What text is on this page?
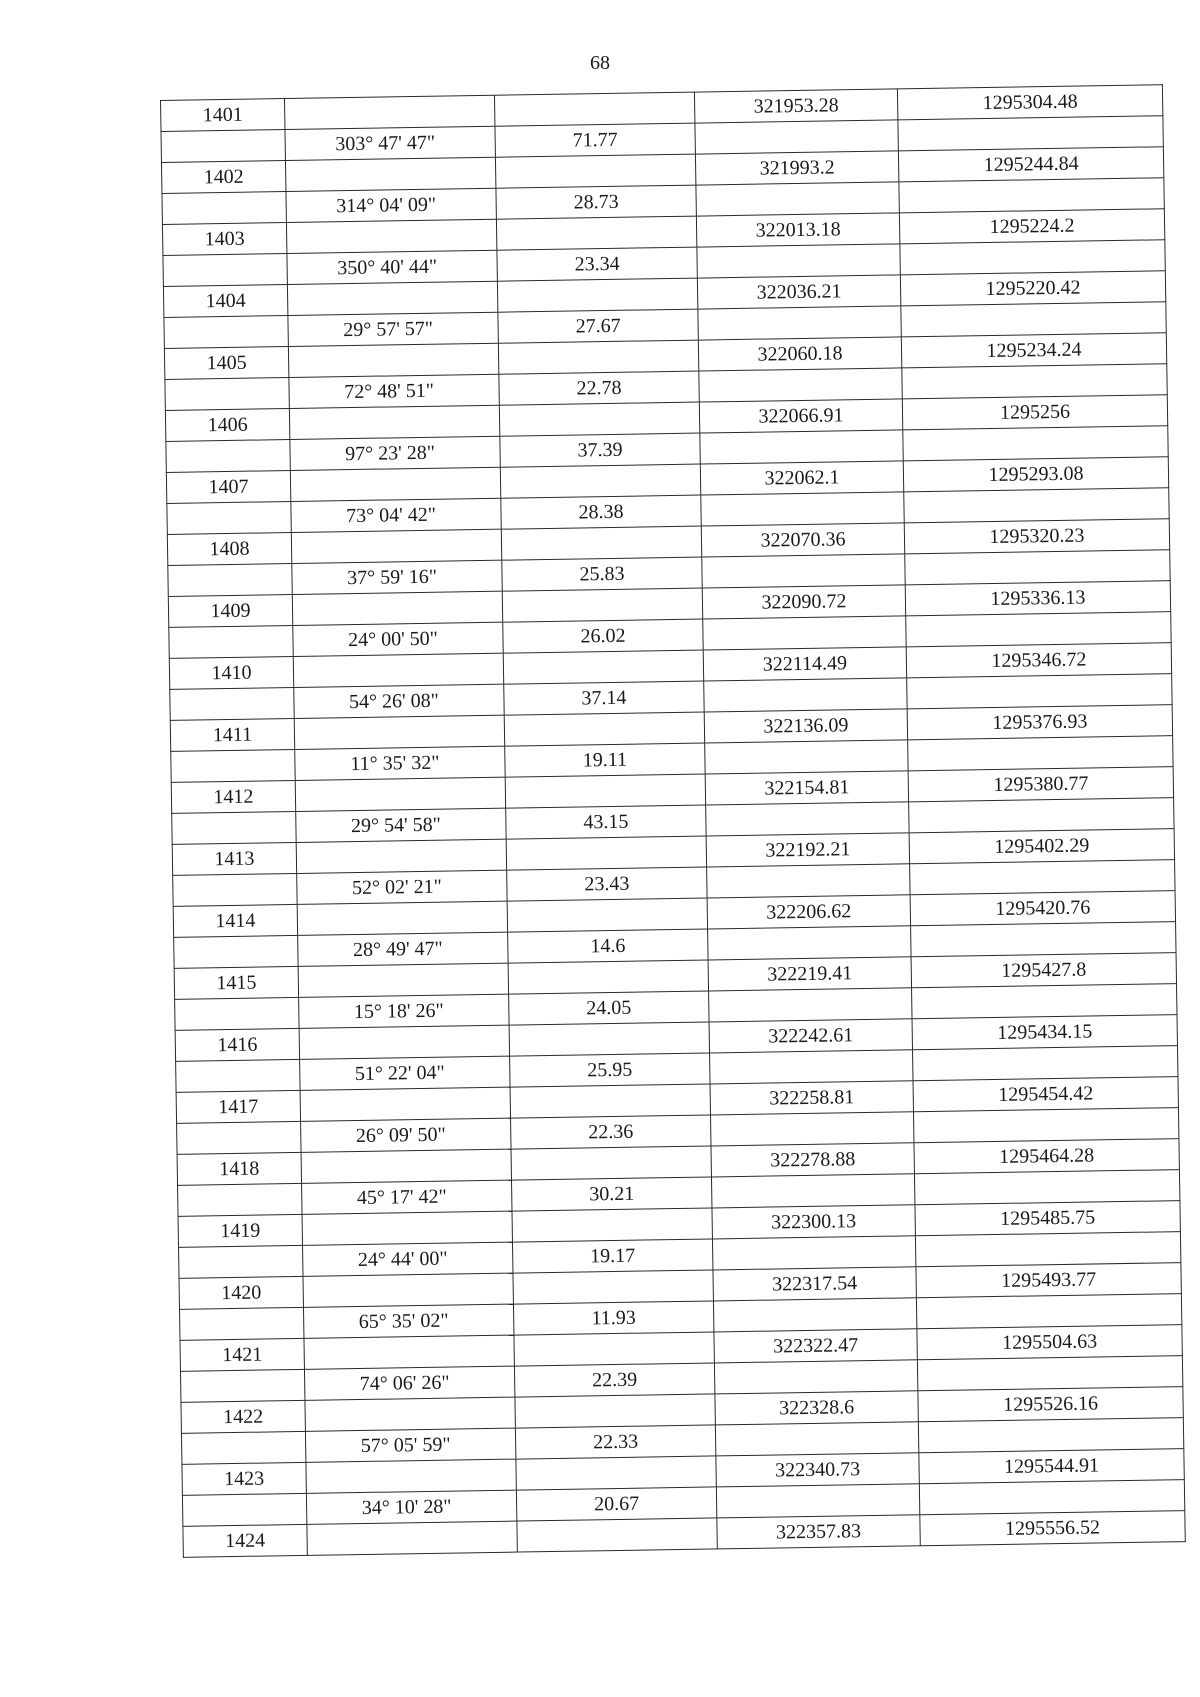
68
1401			321953.28	1295304.48
	303° 47' 47"	71.77		
1402			321993.2	1295244.84
	314° 04' 09"	28.73		
1403			322013.18	1295224.2
	350° 40' 44"	23.34		
1404			322036.21	1295220.42
	29° 57' 57"	27.67		
1405			322060.18	1295234.24
	72° 48' 51"	22.78		
1406			322066.91	1295256
	97° 23' 28"	37.39		
1407			322062.1	1295293.08
	73° 04' 42"	28.38		
1408			322070.36	1295320.23
	37° 59' 16"	25.83		
1409			322090.72	1295336.13
	24° 00' 50"	26.02		
1410			322114.49	1295346.72
	54° 26' 08"	37.14		
1411			322136.09	1295376.93
	11° 35' 32"	19.11		
1412			322154.81	1295380.77
	29° 54' 58"	43.15		
1413			322192.21	1295402.29
	52° 02' 21"	23.43		
1414			322206.62	1295420.76
	28° 49' 47"	14.6		
1415			322219.41	1295427.8
	15° 18' 26"	24.05		
1416			322242.61	1295434.15
	51° 22' 04"	25.95		
1417			322258.81	1295454.42
	26° 09' 50"	22.36		
1418			322278.88	1295464.28
	45° 17' 42"	30.21		
1419			322300.13	1295485.75
	24° 44' 00"	19.17		
1420			322317.54	1295493.77
	65° 35' 02"	11.93		
1421			322322.47	1295504.63
	74° 06' 26"	22.39		
1422			322328.6	1295526.16
	57° 05' 59"	22.33		
1423			322340.73	1295544.91
	34° 10' 28"	20.67		
1424			322357.83	1295556.52
